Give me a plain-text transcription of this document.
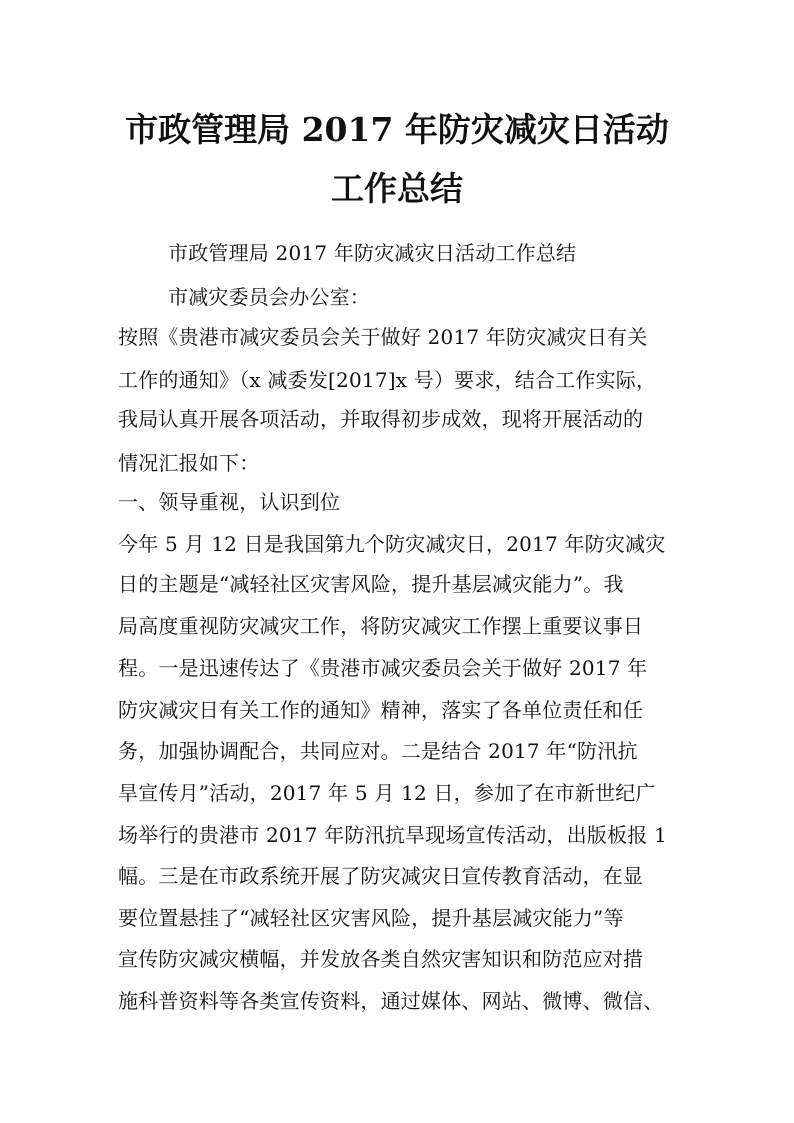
市政管理局 2017 年防灾减灾日活动
工作总结
市政管理局 2017 年防灾减灾日活动工作总结
市减灾委员会办公室：
按照《贵港市减灾委员会关于做好 2017 年防灾减灾日有关
工作的通知》（x 减委发[2017]x 号）要求，结合工作实际，
我局认真开展各项活动，并取得初步成效，现将开展活动的
情况汇报如下：
一、领导重视，认识到位
今年 5 月 12 日是我国第九个防灾减灾日，2017 年防灾减灾
日的主题是“减轻社区灾害风险，提升基层减灾能力”。我
局高度重视防灾减灾工作，将防灾减灾工作摆上重要议事日
程。一是迅速传达了《贵港市减灾委员会关于做好 2017 年
防灾减灾日有关工作的通知》精神，落实了各单位责任和任
务，加强协调配合，共同应对。二是结合 2017 年“防汛抗
旱宣传月”活动，2017 年 5 月 12 日，参加了在市新世纪广
场举行的贵港市 2017 年防汛抗旱现场宣传活动，出版板报 1
幅。三是在市政系统开展了防灾减灾日宣传教育活动，在显
要位置悬挂了“减轻社区灾害风险，提升基层减灾能力”等
宣传防灾减灾横幅，并发放各类自然灾害知识和防范应对措
施科普资料等各类宣传资料，通过媒体、网站、微博、微信、
